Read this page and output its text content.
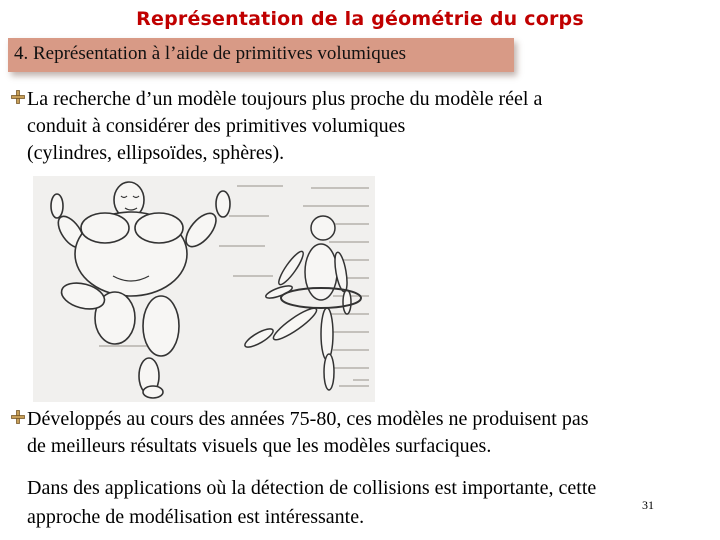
Représentation de la géométrie du corps
4. Représentation à l’aide de primitives volumiques
La recherche d’un modèle toujours plus proche du modèle réel a
conduit à considérer des primitives volumiques
(cylindres, ellipsoïdes, sphères).
Développés au cours des années 75-80, ces modèles ne produisent pas
de meilleurs résultats visuels que les modèles surfaciques.
Dans des applications où la détection de collisions est importante, cette
approche de modélisation est intéressante.
31
